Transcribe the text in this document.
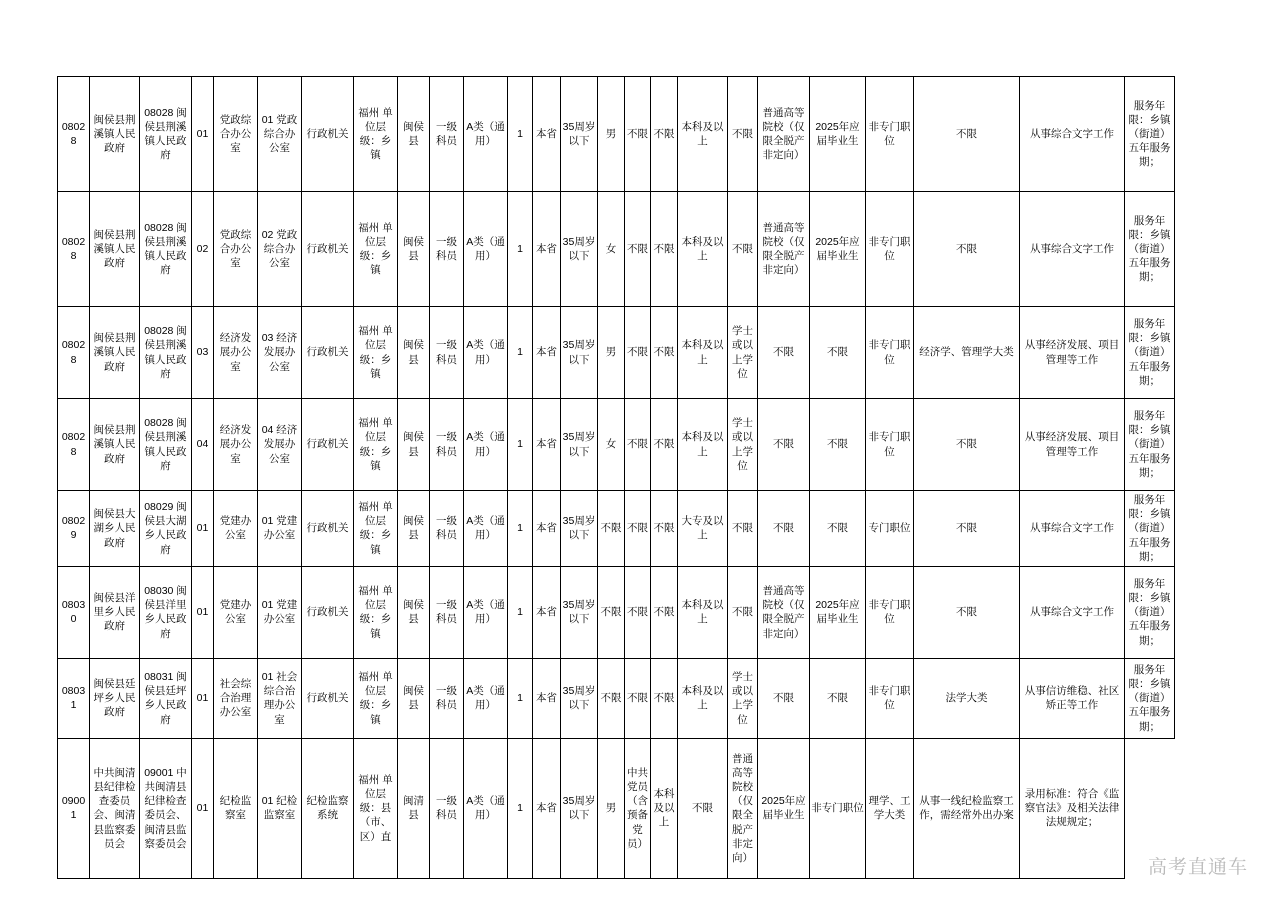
08028	闽侯县荆溪镇人民政府	08028 闽侯县荆溪镇人民政府	01	党政综合办公室	01 党政综合办公室	行政机关	福州 单位层级：乡镇	闽侯县	一级科员	A类（通用）	1	本省	35周岁以下	男	不限	不限	本科及以上	不限	普通高等院校（仅限全脱产非定向）	2025年应届毕业生	非专门职位	不限	从事综合文字工作	服务年限：乡镇（街道）五年服务期；
08028	闽侯县荆溪镇人民政府	08028 闽侯县荆溪镇人民政府	02	党政综合办公室	02 党政综合办公室	行政机关	福州 单位层级：乡镇	闽侯县	一级科员	A类（通用）	1	本省	35周岁以下	女	不限	不限	本科及以上	不限	普通高等院校（仅限全脱产非定向）	2025年应届毕业生	非专门职位	不限	从事综合文字工作	服务年限：乡镇（街道）五年服务期；
08028	闽侯县荆溪镇人民政府	08028 闽侯县荆溪镇人民政府	03	经济发展办公室	03 经济发展办公室	行政机关	福州 单位层级：乡镇	闽侯县	一级科员	A类（通用）	1	本省	35周岁以下	男	不限	不限	本科及以上	学士或以上学位	不限	不限	非专门职位	经济学、管理学大类	从事经济发展、项目管理等工作	服务年限：乡镇（街道）五年服务期；
08028	闽侯县荆溪镇人民政府	08028 闽侯县荆溪镇人民政府	04	经济发展办公室	04 经济发展办公室	行政机关	福州 单位层级：乡镇	闽侯县	一级科员	A类（通用）	1	本省	35周岁以下	女	不限	不限	本科及以上	学士或以上学位	不限	不限	非专门职位	不限	从事经济发展、项目管理等工作	服务年限：乡镇（街道）五年服务期；
08029	闽侯县大湖乡人民政府	08029 闽侯县大湖乡人民政府	01	党建办公室	01 党建办公室	行政机关	福州 单位层级：乡镇	闽侯县	一级科员	A类（通用）	1	本省	35周岁以下	不限	不限	不限	大专及以上	不限	不限	不限	专门职位	不限	从事综合文字工作	服务年限：乡镇（街道）五年服务期；
08030	闽侯县洋里乡人民政府	08030 闽侯县洋里乡人民政府	01	党建办公室	01 党建办公室	行政机关	福州 单位层级：乡镇	闽侯县	一级科员	A类（通用）	1	本省	35周岁以下	不限	不限	不限	本科及以上	不限	普通高等院校（仅限全脱产非定向）	2025年应届毕业生	非专门职位	不限	从事综合文字工作	服务年限：乡镇（街道）五年服务期；
08031	闽侯县廷坪乡人民政府	08031 闽侯县廷坪乡人民政府	01	社会综合治理办公室	01 社会综合治理办公室	行政机关	福州 单位层级：乡镇	闽侯县	一级科员	A类（通用）	1	本省	35周岁以下	不限	不限	不限	本科及以上	学士或以上学位	不限	不限	非专门职位	法学大类	从事信访维稳、社区矫正等工作	服务年限：乡镇（街道）五年服务期；
09001	中共闽清县纪律检查委员会、闽清县监察委员会	09001 中共闽清县纪律检查委员会、闽清县监察委员会	01	纪检监察室	01 纪检监察室	纪检监察系统	福州 单位层级：县（市、区）直	闽清县	一级科员	A类（通用）	1	本省	35周岁以下	男	中共党员（含预备党员）	本科及以上	不限	普通高等院校（仅限全脱产非定向）	2025年应届毕业生	非专门职位	理学、工学大类	从事一线纪检监察工作，需经常外出办案	录用标准：符合《监察官法》及相关法律法规规定；	
高考直通车
